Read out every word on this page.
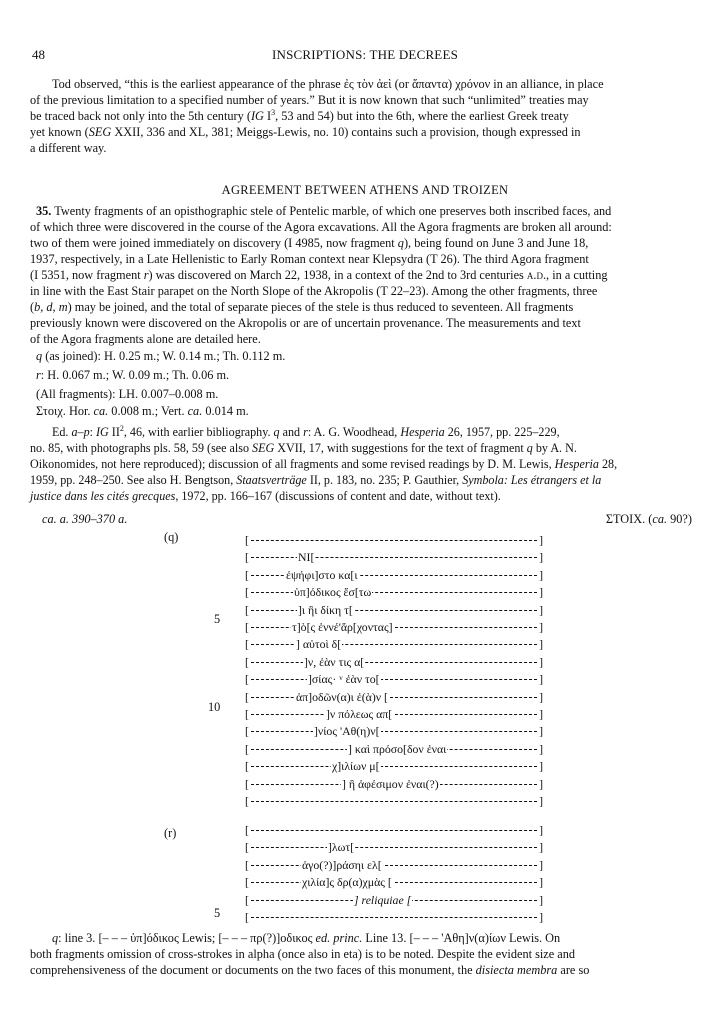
48	INSCRIPTIONS: THE DECREES
Tod observed, “this is the earliest appearance of the phrase ἐς τὸν ἀεὶ (or ἅπαντα) χρόνον in an alliance, in place
of the previous limitation to a specified number of years.” But it is now known that such “unlimited” treaties may
be traced back not only into the 5th century (IG $I^3$, 53 and 54) but into the 6th, where the earliest Greek treaty
yet known (SEG XXII, 336 and XL, 381; Meiggs-Lewis, no. 10) contains such a provision, though expressed in
a different way.
AGREEMENT BETWEEN ATHENS AND TROIZEN
35. Twenty fragments of an opisthographic stele of Pentelic marble, of which one preserves both inscribed faces, and
of which three were discovered in the course of the Agora excavations. All the Agora fragments are broken all around:
two of them were joined immediately on discovery (I 4985, now fragment q), being found on June 3 and June 18,
1937, respectively, in a Late Hellenistic to Early Roman context near Klepsydra (T 26). The third Agora fragment
(I 5351, now fragment r) was discovered on March 22, 1938, in a context of the 2nd to 3rd centuries a.d., in a cutting
in line with the East Stair parapet on the North Slope of the Akropolis (T 22–23). Among the other fragments, three
(b, d, m) may be joined, and the total of separate pieces of the stele is thus reduced to seventeen. All fragments
previously known were discovered on the Akropolis or are of uncertain provenance. The measurements and text
of the Agora fragments alone are detailed here.
q (as joined): H. 0.25 m.; W. 0.14 m.; Th. 0.112 m.
r: H. 0.067 m.; W. 0.09 m.; Th. 0.06 m.
(All fragments): LH. 0.007–0.008 m.
Στοιχ. Hor. ca. 0.008 m.; Vert. ca. 0.014 m.
Ed. a–p: IG $II^2$, 46, with earlier bibliography. q and r: A. G. Woodhead, Hesperia 26, 1957, pp. 225–229,
no. 85, with photographs pls. 58, 59 (see also SEG XVII, 17, with suggestions for the text of fragment q by A. N.
Oikonomides, not here reproduced); discussion of all fragments and some revised readings by D. M. Lewis, Hesperia 28,
1959, pp. 248–250. See also H. Bengtson, Staatsverträge II, p. 183, no. 235; P. Gauthier, Symbola: Les étrangers et la
justice dans les cités grecques, 1972, pp. 166–167 (discussions of content and date, without text).
ca. a. 390–370 a.	ΣΤΟΙΧ. (ca. 90?)
(q)
5
10
[	]
[	ΝΙ[	]
[	ἐψήφι]στο κα[ι	]
[	ὑπ]όδικος ἔσ[τω	]
[	]ι ἢι δίκη τ[	]
[	τ]ὸ[ς ἐννέ'ἄρ[χοντας]	]
[	] αὐτοὶ δ[	]
[	]ν, ἐὰν τις α[	]
[	]σίας· ᵛ ἐὰν το[	]
[	ἀπ]οδῶν(α)ι ἐ(ὰ)ν [	]
[	]ν πόλεως απ[	]
[	]νίος 'Αθ(η)ν[	]
[	] καὶ πρόσο[δον ἐναι	]
[	χ]ιλίων μ[	]
[	] ἢ ἀφέσιμον ἐναι(?)	]
[	]
(r)
5
[	]
[	]λωτ[	]
[	ἀγο(?)]ράσηι ελ[	]
[	χιλία]ς δρ(α)χμὰς [	]
[	] reliquiae [	]
[	]
q: line 3. [– – – ὑπ]όδικος Lewis; [– – – πρ(?)]οδικος ed. princ. Line 13. [– – – 'Αθη]ν(α)ίων Lewis. On
both fragments omission of cross-strokes in alpha (once also in eta) is to be noted. Despite the evident size and
comprehensiveness of the document or documents on the two faces of this monument, the disiecta membra are so
